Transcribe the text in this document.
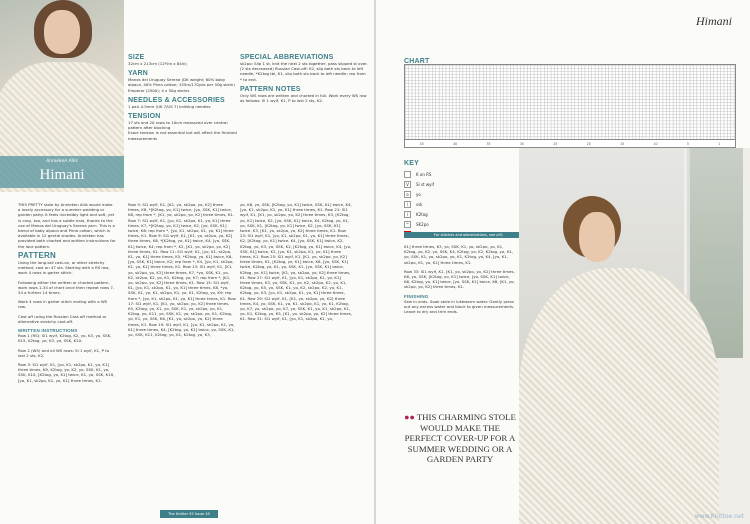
Annieken Allis
Himani
SIZE
32cm x 213cm (12½in x 84in)
YARN
Manos del Uruguay Serena (DK weight; 60% baby alpaca, 40% Pima cotton; 155m/170yds per 50g skein)
Emperor (2500); 4 x 50g skeins
NEEDLES & ACCESSORIES
1 pair 4.5mm (UK 7/US 7) knitting needles
TENSION
17 sts and 20 rows to 10cm measured over central pattern after blocking
Exact tension is not essential but will affect the finished measurements
SPECIAL ABBREVIATIONS
sk2po: Slip 1 st, knit the next 2 sts together, pass slipped st over. (2 sts decreased) Russian Cast-off: K2, slip both sts back to left needle, *K2tog tbl, K1, slip both sts back to left needle; rep from * to end.
PATTERN NOTES
Only WS rows are written and charted in full. Work every WS row as follows: Sl 1 wyif, K1, P to last 2 sts, K2.

THIS PRETTY stole by Annieken Allis would make a lovely accessory for a summer wedding or garden party. It feels incredibly light and soft, yet is cosy, too, and has a subtle halo, thanks to the use of Manos del Uruguay's Serena yarn. This is a blend of baby alpaca and Pima cotton, which is available in 12 gentle shades. Annieken has provided both charted and written instructions for the lace pattern.

PATTERN

Using the long-tail cast-on, or other stretchy method, cast on 47 sts. Starting with a RS row, work 4 rows in garter stitch.

Following either the written or charted pattern, work rows 1-34 of chart once then repeat rows 7-34 a further 14 times.

Work 4 rows in garter stitch ending with a WS row.

Cast off using the Russian Cast-off method or alternative stretchy cast-off.

WRITTEN INSTRUCTIONS

Row 1 (RS): Sl1 wyif, K2tog, K2, yo, K3, yo, SSK, K15, K2tog, yo, K3, yo, SSK, K10.

Row 2 (WS) and all WS rows: Sl 1 wyif, K1, P to last 2 sts, K2.

Row 3: Sl1 wyif, K1, [yo, K1, sk2po, K1, yo, K1] three times, K9, K2tog, yo, K2, yo, SSK, K1, yo, SSK, K10, [K2tog, yo, K1] twice, K1, yo, SSK, K10, [yo, K1, sk2po, K1, yo, K1] three times, K1.

Row 5: Sl1 wyif, K1, [K1, yo, sk2po, yo, K2] three times, K8, *[K2tog, yo, K1] twice, [yo, SSK, K1] twice, K8, rep from *, [K1, yo, sk2po, yo, K2] three times, K1. Row 7: Sl1 wyif, K1, [yo, K1, sk2po, K1, yo, K1] three times, K7, *[K2tog, yo, K1] twice, K2, [yo, SSK, K1] twice, K6; rep from *, [yo, K1, sk2po, K1, yo, K1] three times, K1. Row 9: Sl1 wyif, K1, [K1, yo, sk2po, yo, K2] three times, K6, *[K2tog, yo, K1] twice, K4, [yo, SSK, K1] twice, K4; rep from *, K2, [K1, yo, sk2po, yo, K2] three times, K1. Row 11: Sl1 wyif, K1, [yo, K1, sk2po, K1, yo, K1] three times, K5, *K2tog, yo, K1] twice, K6, [yo, SSK, K1] twice, K2; rep from *, K4, [yo, K1, sk2po, K1, yo, K1] three times, K1. Row 13: Sl1 wyif, K1, [K1, yo, sk2po, yo, K2] three times, K7, *yo, SSK, K1, yo, K2, sk2po, K2, yo, K1, K2tog, yo, K7; rep from *, [K1, yo, sk2po, yo, K2] three times, K1. Row 15: Sl1 wyif, K1, [yo, K1, sk2po, K1, yo, K1] three times, K8, *yo, SSK, K1, yo, K1, sk2po, K1, yo, K1, K2tog, yo, K9; rep from *, [yo, K1, sk2po, K1, yo, K1] three times, K1. Row 17: Sl1 wyif, K1, [K1, yo, sk2po, yo, K2] three times, K5, K2tog, yo, K1, yo, SSK, K1, yo, sk2po, yo, K1, K2tog, yo, K11, yo, SSK, K1, yo, sk2po, yo, K1, K2tog, yo, K1, yo, SSK, K6, [K1, yo, sk2po, yo, K2] three times, K1. Row 19: Sl1 wyif, K1, [yo, K1, sk2po, K1, yo, K1] three times, K4, [K2tog, yo, K1] twice, yo, SSK, K1, yo, SSK, K11, K2tog, yo, K1, K2tog, yo, K3,

yo, K6, yo, SSK, [K2tog, yo, K1] twice, SSK, K1] twice, K4, [yo, K1, sk2po, K1, yo, K1] three times, K1. Row 21: Sl1 wyif, K1, [K1, yo, sk2po, yo, K2] three times, K3, [K2tog, yo, K1] twice, K2, [yo, SSK, K1] twice, K4, K2tog, yo, K1, yo, SSK, K1, [K2tog, yo, K1] twice, K2, [yo, SSK, K1] twice, K3, [K1, yo, sk2po, yo, K2] three times, K1. Row 23: Sl1 wyif, K1, [yo, K1, sk2po, K1, yo, K1] three times, K2, [K2tog, yo, K1] twice, K4, [yo, SSK, K1] twice, K2, K2tog, yo, K3, yo, SSK, K2, [K2tog, yo, K1] twice, K4, [yo, SSK, K1] twice, K2, [yo, K1, sk2po, K1, yo, K1] three times, K1. Row 25: Sl1 wyif, K1, [K1, yo, sk2po, yo, K2] three times, K1, [K2tog, yo, K1] twice, K6, [yo, SSK, K1] twice, K2tog, yo, K1, yo, SSK, K1, [yo, SSK, K1] twice, K2tog, yo, K1] twice, [K1, yo, sk2po, yo, K2] three times, K1. Row 27: Sl1 wyif, K1, [yo, K1, sk2po, K1, yo, K1] three times, K3, yo, SSK, K1, yo, K2, sk2po, K2, yo, K1, K2tog, yo, K5, yo, SSK, K1, yo, K2, sk2po, K2, yo, K1, K2tog, yo, K3, [yo, K1, sk2po, K1, yo, K1] three times, K1. Row 29: Sl1 wyif, K1, [K1, yo, sk2po, yo, K2] three times, K4, yo, SSK, K1, yo, K1, sk2po, K1, yo, K1, K2tog, yo, K7, yo, sk2po, yo, K7, yo, SSK, K1, yo, K1, sk2po, K1, yo, K1, K2tog, yo, K5, [K1, yo, sk2po, yo, K2] three times, K1. Row 31: Sl1 wyif, K1, [yo, K1, sk2po, K1, yo,

The Knitter 95 Issue 45
Himani
CHART
45	40	35	30	25	20	15	10	5	1
KEY
K on RS
V	Sl st wyif
o	yo
\	ssk
/	K2tog
^	SK2po
For stitches and abbreviations, see p91

K1] three times, K3, yo, SSK, K1, yo, sk2po, yo, K1, K2tog, yo, K2, yo, SSK, K4, K2tog, yo, K2, K2tog, yo, K1, yo, SSK, K1, yo, sk2po, yo, K1, K2tog, yo, K4, [yo, K1, sk2po, K1, yo, K1] three times, K1.

Row 33: Sl1 wyif, K1, [K1, yo, sk2po, yo, K2] three times, K6, yo, SSK, [K2tog, yo, K1] twice, [yo, SSK, K1] twice, K6, K2tog, yo, K1] twice, [yo, SSK, K1] twice, K6, [K1, yo, sk2po, yo, K2] three times, K1.

FINISHING

Sew in ends. Soak stole in lukewarm water. Gently press out any excess water and block to given measurements. Leave to dry and trim ends.

●● THIS CHARMING STOLE WOULD MAKE THE PERFECT COVER-UP FOR A SUMMER WEDDING OR A GARDEN PARTY
www.Knittoe.net
